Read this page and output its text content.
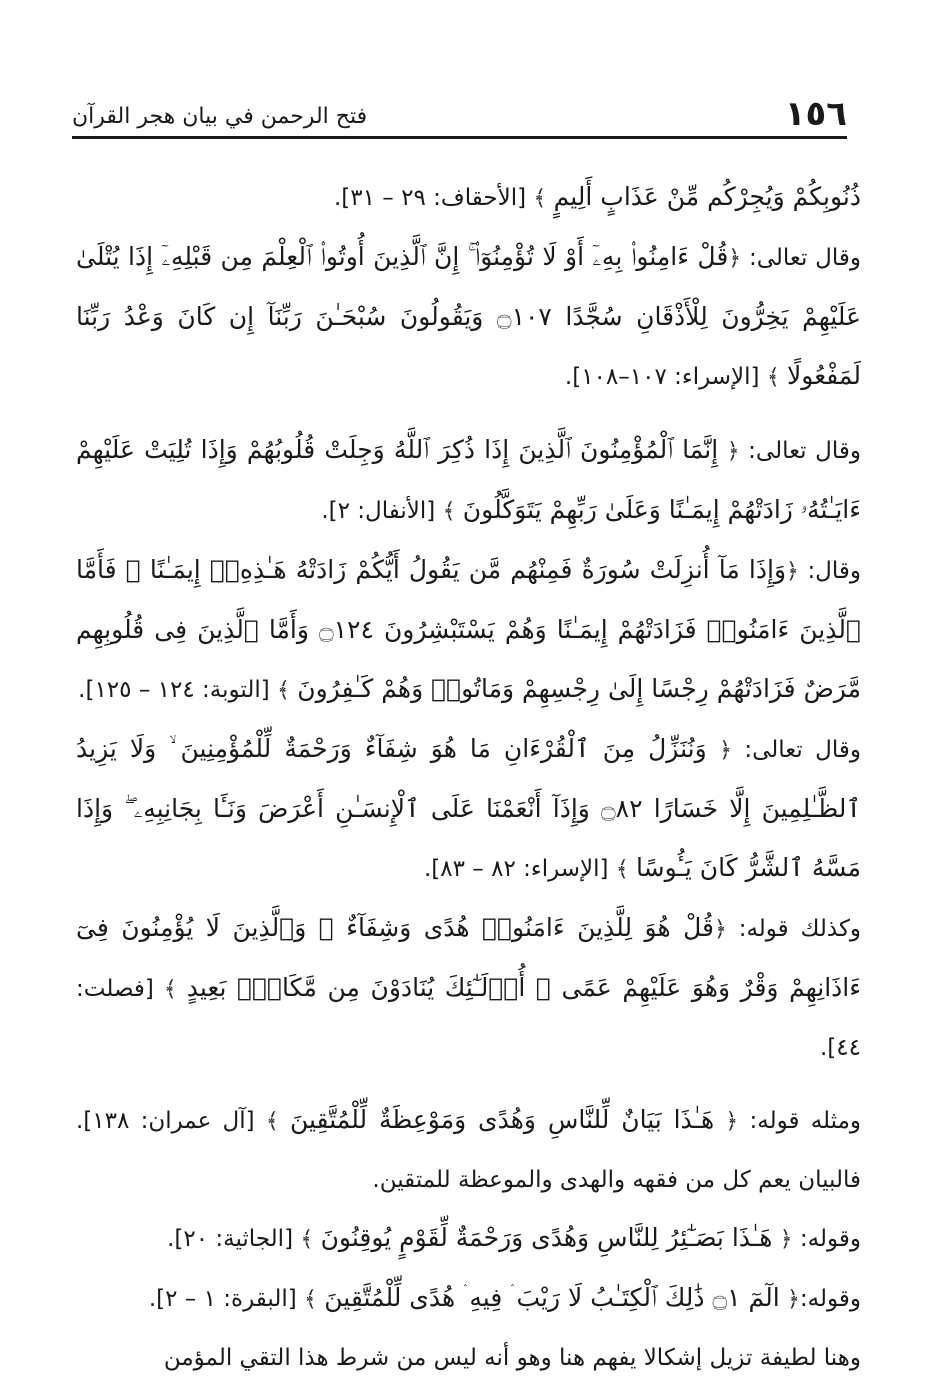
١٥٦
فتح الرحمن في بيان هجر القرآن

ذُنُوبِكُمْ وَيُجِرْكُم مِّنْ عَذَابٍ أَلِيمٍ ﴾ [الأحقاف: ٢٩ – ٣١].

وقال تعالى: ﴿قُلْ ءَامِنُوا۟ بِهِۦٓ أَوْ لَا تُؤْمِنُوٓا۟ ۚ إِنَّ ٱلَّذِينَ أُوتُوا۟ ٱلْعِلْمَ مِن قَبْلِهِۦٓ إِذَا يُتْلَىٰ عَلَيْهِمْ يَخِرُّونَ لِلْأَذْقَانِ سُجَّدًا ۝١٠٧ وَيَقُولُونَ سُبْحَـٰنَ رَبِّنَآ إِن كَانَ وَعْدُ رَبِّنَا لَمَفْعُولًا ﴾ [الإسراء: ١٠٧–١٠٨].

وقال تعالى: ﴿ إِنَّمَا ٱلْمُؤْمِنُونَ ٱلَّذِينَ إِذَا ذُكِرَ ٱللَّهُ وَجِلَتْ قُلُوبُهُمْ وَإِذَا تُلِيَتْ عَلَيْهِمْ ءَايَـٰتُهُۥ زَادَتْهُمْ إِيمَـٰنًا وَعَلَىٰ رَبِّهِمْ يَتَوَكَّلُونَ ﴾ [الأنفال: ٢].

وقال: ﴿وَإِذَا مَآ أُنزِلَتْ سُورَةٌ فَمِنْهُم مَّن يَقُولُ أَيُّكُمْ زَادَتْهُ هَـٰذِهِۦٓ إِيمَـٰنًا ۚ فَأَمَّا ٱلَّذِينَ ءَامَنُوا۟ فَزَادَتْهُمْ إِيمَـٰنًا وَهُمْ يَسْتَبْشِرُونَ ۝١٢٤ وَأَمَّا ٱلَّذِينَ فِى قُلُوبِهِم مَّرَضٌ فَزَادَتْهُمْ رِجْسًا إِلَىٰ رِجْسِهِمْ وَمَاتُوا۟ وَهُمْ كَـٰفِرُونَ ﴾ [التوبة: ١٢٤ – ١٢٥].

وقال تعالى: ﴿ وَنُنَزِّلُ مِنَ ٱلْقُرْءَانِ مَا هُوَ شِفَآءٌ وَرَحْمَةٌ لِّلْمُؤْمِنِينَ ۙ وَلَا يَزِيدُ ٱلظَّـٰلِمِينَ إِلَّا خَسَارًا ۝٨٢ وَإِذَآ أَنْعَمْنَا عَلَى ٱلْإِنسَـٰنِ أَعْرَضَ وَنَـَٔا بِجَانِبِهِۦ ۖ وَإِذَا مَسَّهُ ٱلشَّرُّ كَانَ يَـُٔوسًا ﴾ [الإسراء: ٨٢ – ٨٣].

وكذلك قوله: ﴿قُلْ هُوَ لِلَّذِينَ ءَامَنُوا۟ هُدًى وَشِفَآءٌ ۖ وَٱلَّذِينَ لَا يُؤْمِنُونَ فِىٓ ءَاذَانِهِمْ وَقْرٌ وَهُوَ عَلَيْهِمْ عَمًى ۚ أُو۟لَـٰٓئِكَ يُنَادَوْنَ مِن مَّكَانٍۭ بَعِيدٍ ﴾ [فصلت: ٤٤].

ومثله قوله: ﴿ هَـٰذَا بَيَانٌ لِّلنَّاسِ وَهُدًى وَمَوْعِظَةٌ لِّلْمُتَّقِينَ ﴾ [آل عمران: ١٣٨]. فالبيان يعم كل من فقهه والهدى والموعظة للمتقين.

وقوله: ﴿ هَـٰذَا بَصَـٰٓئِرُ لِلنَّاسِ وَهُدًى وَرَحْمَةٌ لِّقَوْمٍ يُوقِنُونَ ﴾ [الجاثية: ٢٠].

وقوله:﴿ الٓمٓ ۝١ ذَٰلِكَ ٱلْكِتَـٰبُ لَا رَيْبَ ۛ فِيهِ ۛ هُدًى لِّلْمُتَّقِينَ ﴾ [البقرة: ١ – ٢].

وهنا لطيفة تزيل إشكالا يفهم هنا وهو أنه ليس من شرط هذا التقي المؤمن
